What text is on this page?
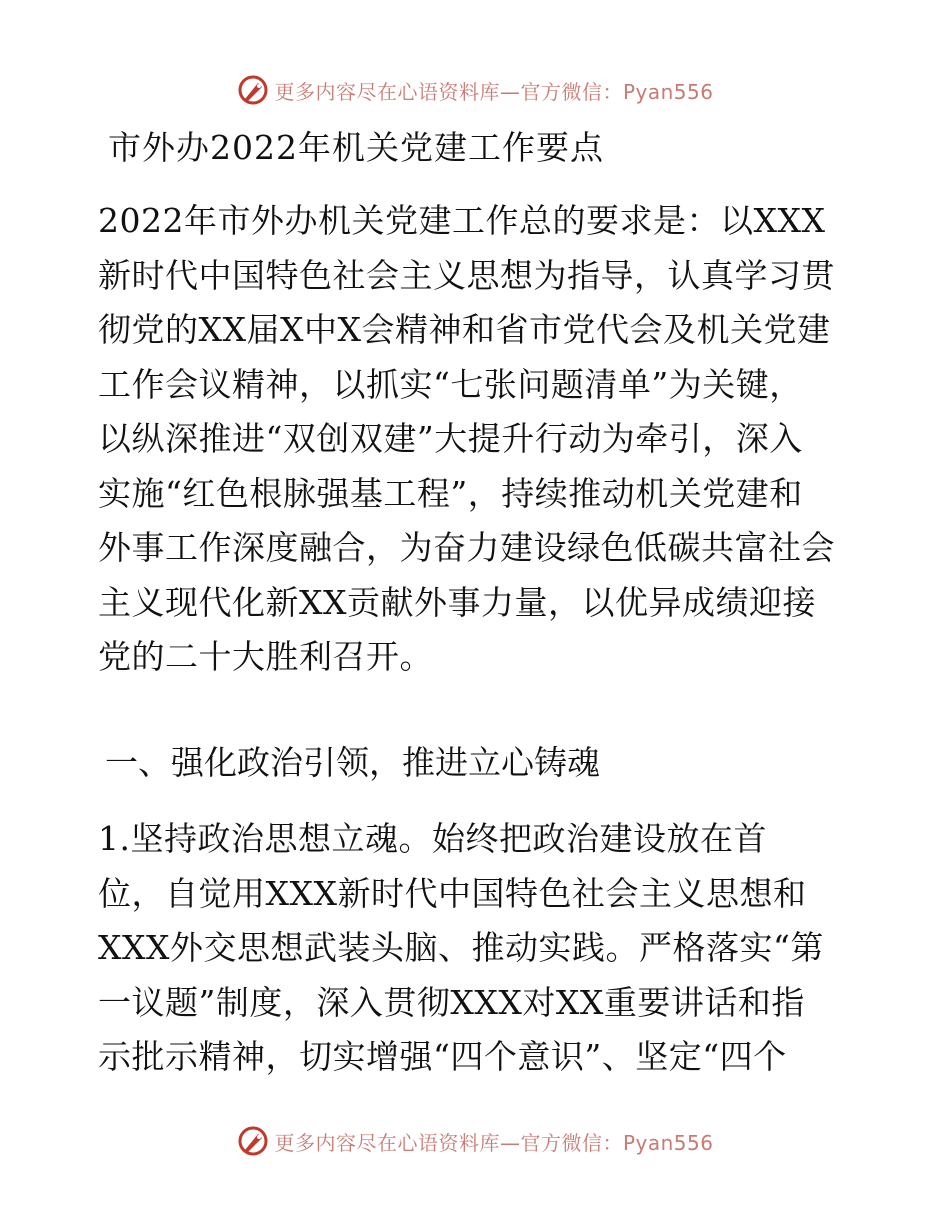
更多内容尽在心语资料库—官方微信：Pyan556
市外办2022年机关党建工作要点
2022年市外办机关党建工作总的要求是：以XXX
新时代中国特色社会主义思想为指导，认真学习贯
彻党的XX届X中X会精神和省市党代会及机关党建
工作会议精神，以抓实“七张问题清单”为关键，
以纵深推进“双创双建”大提升行动为牵引，深入
实施“红色根脉强基工程”，持续推动机关党建和
外事工作深度融合，为奋力建设绿色低碳共富社会
主义现代化新XX贡献外事力量，以优异成绩迎接
党的二十大胜利召开。
一、强化政治引领，推进立心铸魂
1.坚持政治思想立魂。始终把政治建设放在首
位，自觉用XXX新时代中国特色社会主义思想和
XXX外交思想武装头脑、推动实践。严格落实“第
一议题”制度，深入贯彻XXX对XX重要讲话和指
示批示精神，切实增强“四个意识”、坚定“四个
更多内容尽在心语资料库—官方微信：Pyan556
